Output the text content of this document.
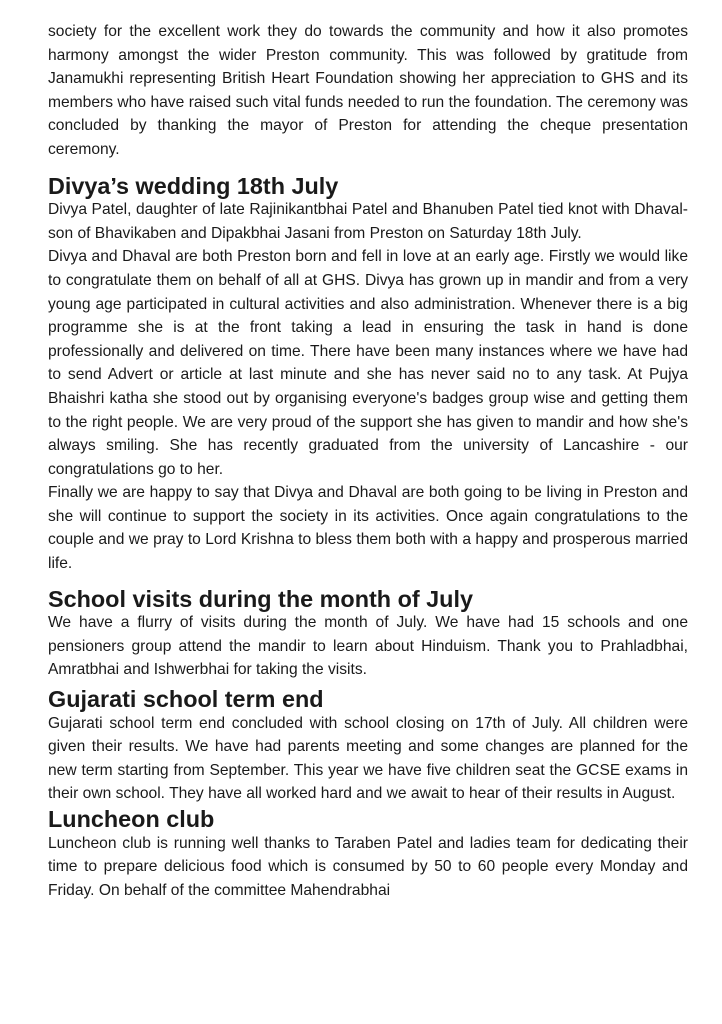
society for the excellent work they do towards the community and how it also promotes harmony amongst the wider Preston community. This was followed by gratitude from Janamukhi representing British Heart Foundation showing her appreciation to GHS and its members who have raised such vital funds needed to run the foundation. The ceremony was concluded by thanking the mayor of Preston for attending the cheque presentation ceremony.

Divya’s wedding 18th July

Divya Patel, daughter of late Rajinikantbhai Patel and Bhanuben Patel tied knot with Dhaval-son of Bhavikaben and Dipakbhai Jasani from Preston on Saturday 18th July.

Divya and Dhaval are both Preston born and fell in love at an early age. Firstly we would like to congratulate them on behalf of all at GHS. Divya has grown up in mandir and from a very young age participated in cultural activities and also administration. Whenever there is a big programme she is at the front taking a lead in ensuring the task in hand is done professionally and delivered on time. There have been many instances where we have had to send Advert or article at last minute and she has never said no to any task. At Pujya Bhaishri katha she stood out by organising everyone's badges group wise and getting them to the right people. We are very proud of the support she has given to mandir and how she's always smiling. She has recently graduated from the university of Lancashire - our congratulations go to her.

Finally we are happy to say that Divya and Dhaval are both going to be living in Preston and she will continue to support the society in its activities. Once again congratulations to the couple and we pray to Lord Krishna to bless them both with a happy and prosperous married life.

School visits during the month of July

We have a flurry of visits during the month of July. We have had 15 schools and one pensioners group attend the mandir to learn about Hinduism. Thank you to Prahladbhai, Amratbhai and Ishwerbhai for taking the visits.

Gujarati school term end

Gujarati school term end concluded with school closing on 17th of July. All children were given their results. We have had parents meeting and some changes are planned for the new term starting from September. This year we have five children seat the GCSE exams in their own school. They have all worked hard and we await to hear of their results in August.

Luncheon club

Luncheon club is running well thanks to Taraben Patel and ladies team for dedicating their time to prepare delicious food which is consumed by 50 to 60 people every Monday and Friday. On behalf of the committee Mahendrabhai
